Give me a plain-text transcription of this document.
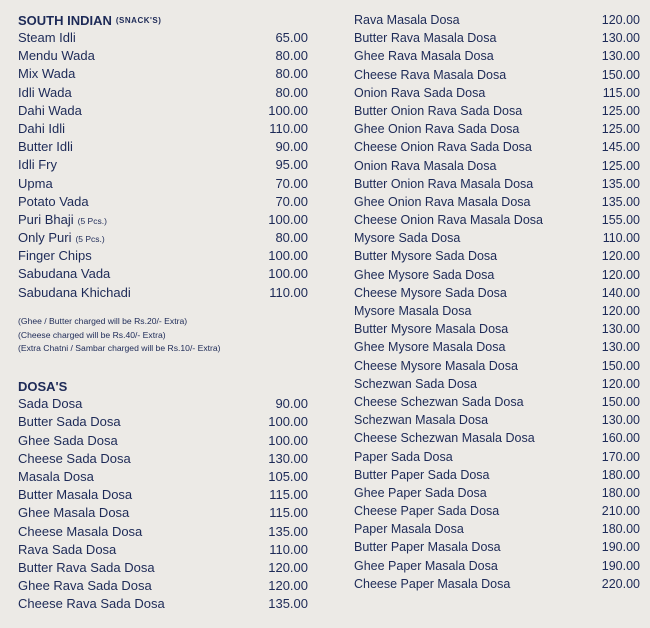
SOUTH INDIAN (SNACK'S)
Steam Idli	65.00
Mendu Wada	80.00
Mix Wada	80.00
Idli Wada	80.00
Dahi Wada	100.00
Dahi Idli	110.00
Butter Idli	90.00
Idli Fry	95.00
Upma	70.00
Potato Vada	70.00
Puri Bhaji (5 Pcs.)	100.00
Only Puri (5 Pcs.)	80.00
Finger Chips	100.00
Sabudana Vada	100.00
Sabudana Khichadi	110.00
(Ghee / Butter charged will be Rs.20/- Extra)
(Cheese charged will be Rs.40/- Extra)
(Extra Chatni / Sambar charged will be Rs.10/- Extra)
DOSA'S
Sada Dosa	90.00
Butter Sada Dosa	100.00
Ghee Sada Dosa	100.00
Cheese Sada Dosa	130.00
Masala Dosa	105.00
Butter Masala Dosa	115.00
Ghee Masala Dosa	115.00
Cheese Masala Dosa	135.00
Rava Sada Dosa	110.00
Butter Rava Sada Dosa	120.00
Ghee Rava Sada Dosa	120.00
Cheese Rava Sada Dosa	135.00
Rava Masala Dosa	120.00
Butter Rava Masala Dosa	130.00
Ghee Rava Masala Dosa	130.00
Cheese Rava Masala Dosa	150.00
Onion Rava Sada Dosa	115.00
Butter Onion Rava Sada Dosa	125.00
Ghee Onion Rava Sada Dosa	125.00
Cheese Onion Rava Sada Dosa	145.00
Onion Rava Masala Dosa	125.00
Butter Onion Rava Masala Dosa	135.00
Ghee Onion Rava Masala Dosa	135.00
Cheese Onion Rava Masala Dosa	155.00
Mysore Sada Dosa	110.00
Butter Mysore Sada Dosa	120.00
Ghee Mysore Sada Dosa	120.00
Cheese Mysore Sada Dosa	140.00
Mysore Masala Dosa	120.00
Butter Mysore Masala Dosa	130.00
Ghee Mysore Masala Dosa	130.00
Cheese Mysore Masala Dosa	150.00
Schezwan Sada Dosa	120.00
Cheese Schezwan Sada Dosa	150.00
Schezwan Masala Dosa	130.00
Cheese Schezwan Masala Dosa	160.00
Paper Sada Dosa	170.00
Butter Paper Sada Dosa	180.00
Ghee Paper Sada Dosa	180.00
Cheese Paper Sada Dosa	210.00
Paper Masala Dosa	180.00
Butter Paper Masala Dosa	190.00
Ghee Paper Masala Dosa	190.00
Cheese Paper Masala Dosa	220.00
